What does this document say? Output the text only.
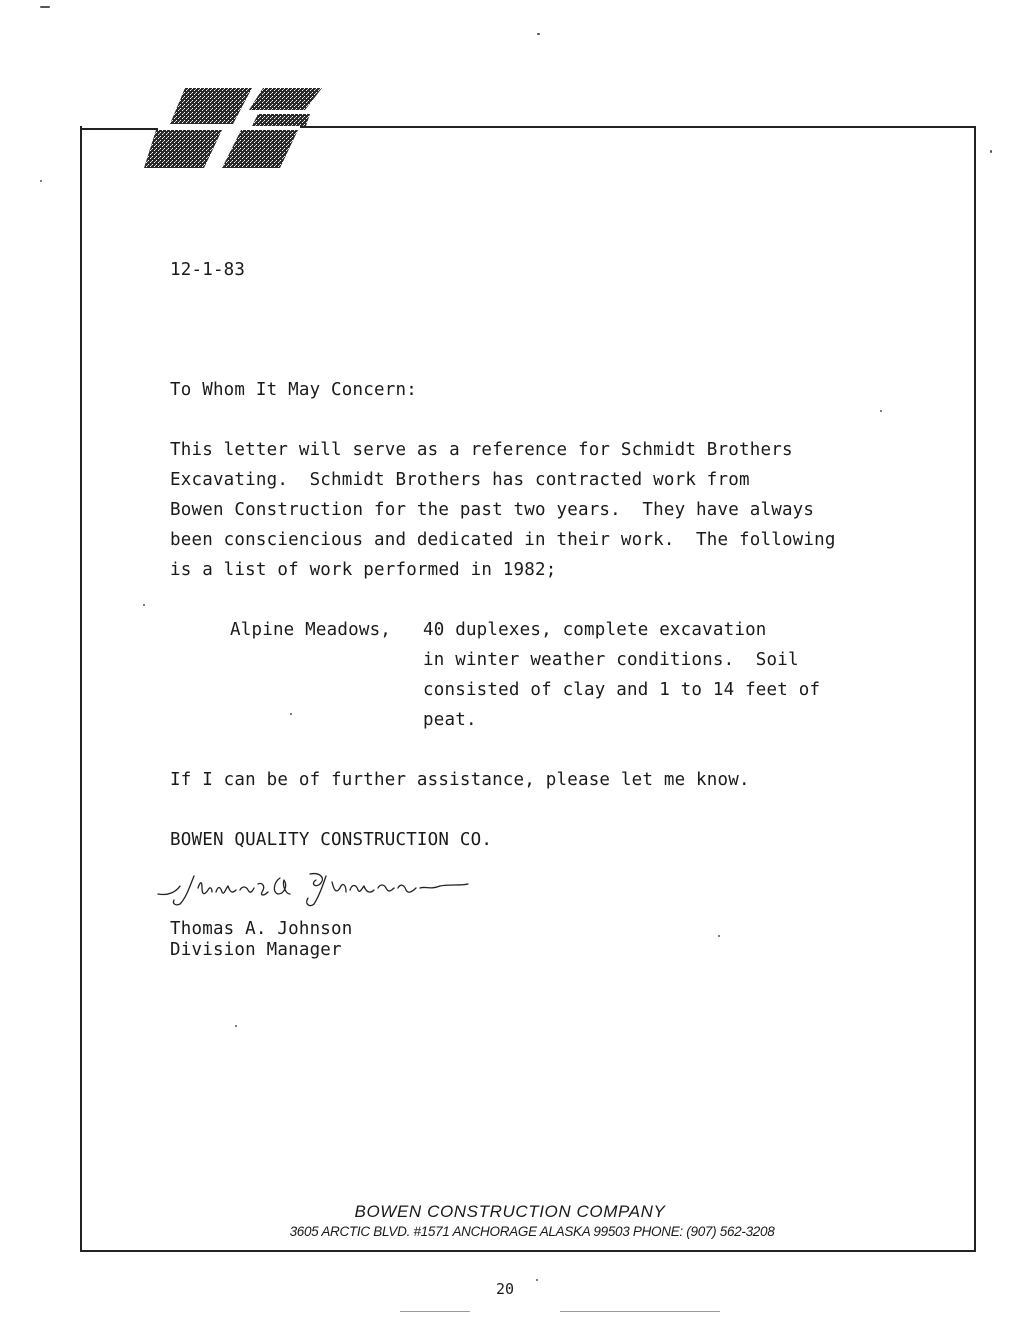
12-1-83
To Whom It May Concern:
This letter will serve as a reference for Schmidt Brothers
Excavating.  Schmidt Brothers has contracted work from
Bowen Construction for the past two years.  They have always
been consciencious and dedicated in their work.  The following
is a list of work performed in 1982;
Alpine Meadows, 40 duplexes, complete excavation
in winter weather conditions.  Soil
consisted of clay and 1 to 14 feet of
peat.
If I can be of further assistance, please let me know.
BOWEN QUALITY CONSTRUCTION CO.
Thomas A. Johnson
Division Manager
BOWEN CONSTRUCTION COMPANY
3605 ARCTIC BLVD. #1571 ANCHORAGE ALASKA 99503 PHONE: (907) 562-3208
20
